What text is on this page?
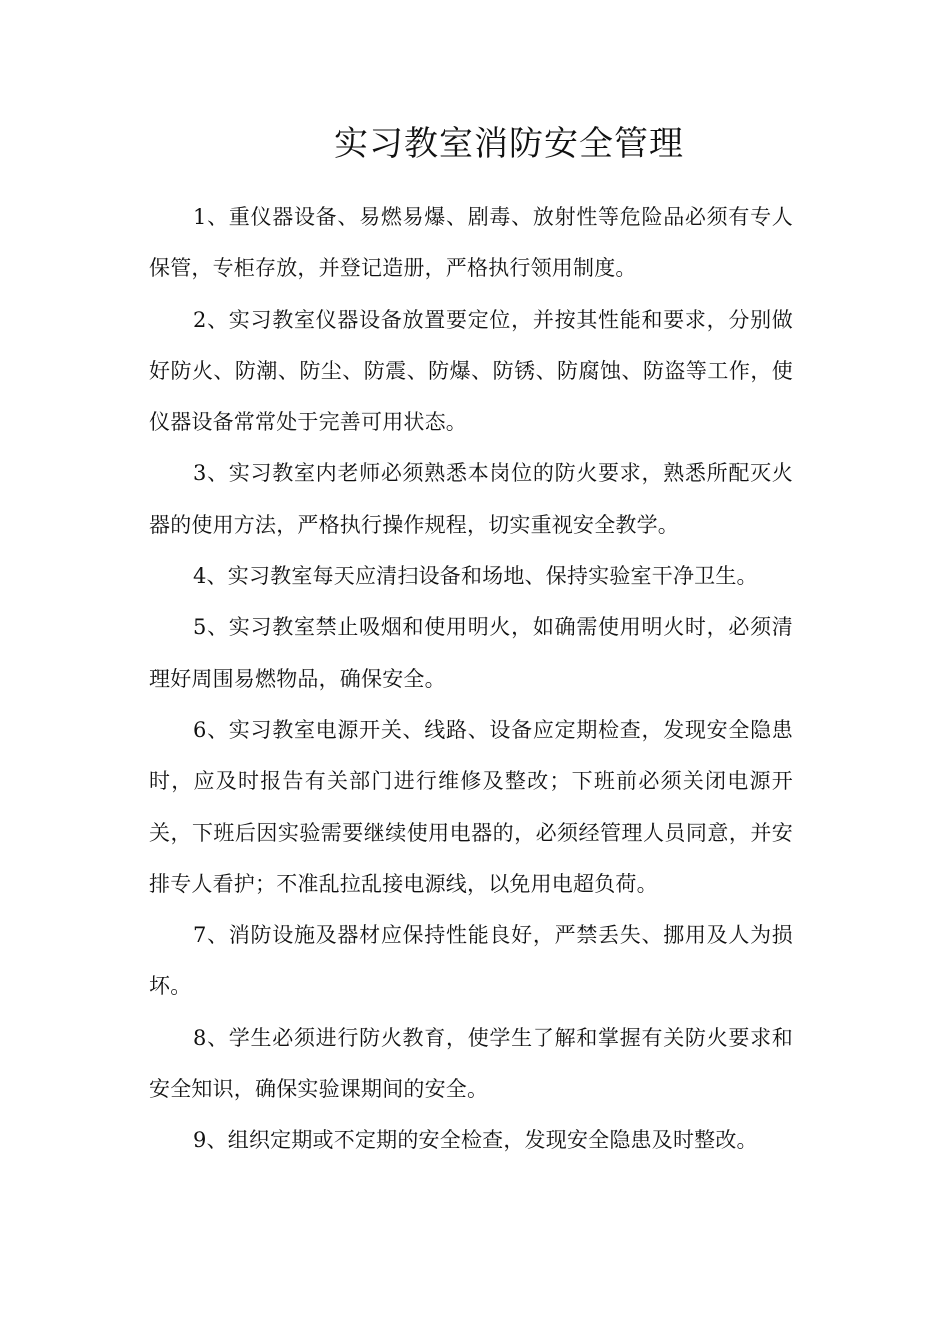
实习教室消防安全管理

1、重仪器设备、易燃易爆、剧毒、放射性等危险品必须有专人保管，专柜存放，并登记造册，严格执行领用制度。

2、实习教室仪器设备放置要定位，并按其性能和要求，分别做好防火、防潮、防尘、防震、防爆、防锈、防腐蚀、防盗等工作，使仪器设备常常处于完善可用状态。

3、实习教室内老师必须熟悉本岗位的防火要求，熟悉所配灭火器的使用方法，严格执行操作规程，切实重视安全教学。

4、实习教室每天应清扫设备和场地、保持实验室干净卫生。

5、实习教室禁止吸烟和使用明火，如确需使用明火时，必须清理好周围易燃物品，确保安全。

6、实习教室电源开关、线路、设备应定期检查，发现安全隐患时，应及时报告有关部门进行维修及整改；下班前必须关闭电源开关，下班后因实验需要继续使用电器的，必须经管理人员同意，并安排专人看护；不准乱拉乱接电源线，以免用电超负荷。

7、消防设施及器材应保持性能良好，严禁丢失、挪用及人为损坏。

8、学生必须进行防火教育，使学生了解和掌握有关防火要求和安全知识，确保实验课期间的安全。

9、组织定期或不定期的安全检查，发现安全隐患及时整改。
